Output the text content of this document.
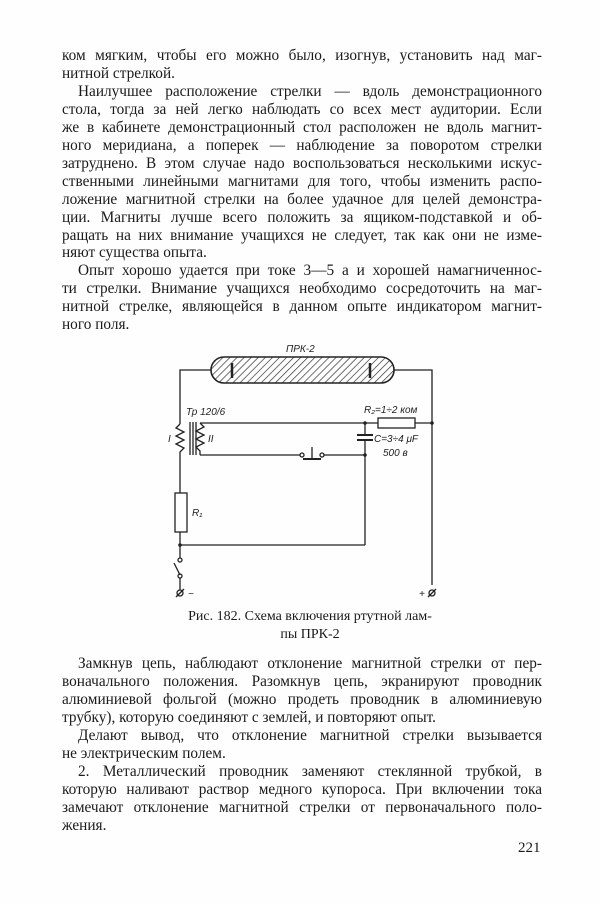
ком мягким, чтобы его можно было, изогнув, установить над маг-
нитной стрелкой.
Наилучшее расположение стрелки — вдоль демонстрационного
стола, тогда за ней легко наблюдать со всех мест аудитории. Если
же в кабинете демонстрационный стол расположен не вдоль магнит-
ного меридиана, а поперек — наблюдение за поворотом стрелки
затруднено. В этом случае надо воспользоваться несколькими искус-
ственными линейными магнитами для того, чтобы изменить распо-
ложение магнитной стрелки на более удачное для целей демонстра-
ции. Магниты лучше всего положить за ящиком-подставкой и об-
ращать на них внимание учащихся не следует, так как они не изме-
няют существа опыта.
Опыт хорошо удается при токе 3—5 а и хорошей намагниченнос-
ти стрелки. Внимание учащихся необходимо сосредоточить на маг-
нитной стрелке, являющейся в данном опыте индикатором магнит-
ного поля.
ПРК-2
Тр 120/6
I	II
R₂=1÷2 ком
C=3÷4 μF
500 в
R₁
−	+
Рис. 182. Схема включения ртутной лам-
пы ПРК-2
Замкнув цепь, наблюдают отклонение магнитной стрелки от пер-
воначального положения. Разомкнув цепь, экранируют проводник
алюминиевой фольгой (можно продеть проводник в алюминиевую
трубку), которую соединяют с землей, и повторяют опыт.
Делают вывод, что отклонение магнитной стрелки вызывается
не электрическим полем.
2. Металлический проводник заменяют стеклянной трубкой, в
которую наливают раствор медного купороса. При включении тока
замечают отклонение магнитной стрелки от первоначального поло-
жения.
221
